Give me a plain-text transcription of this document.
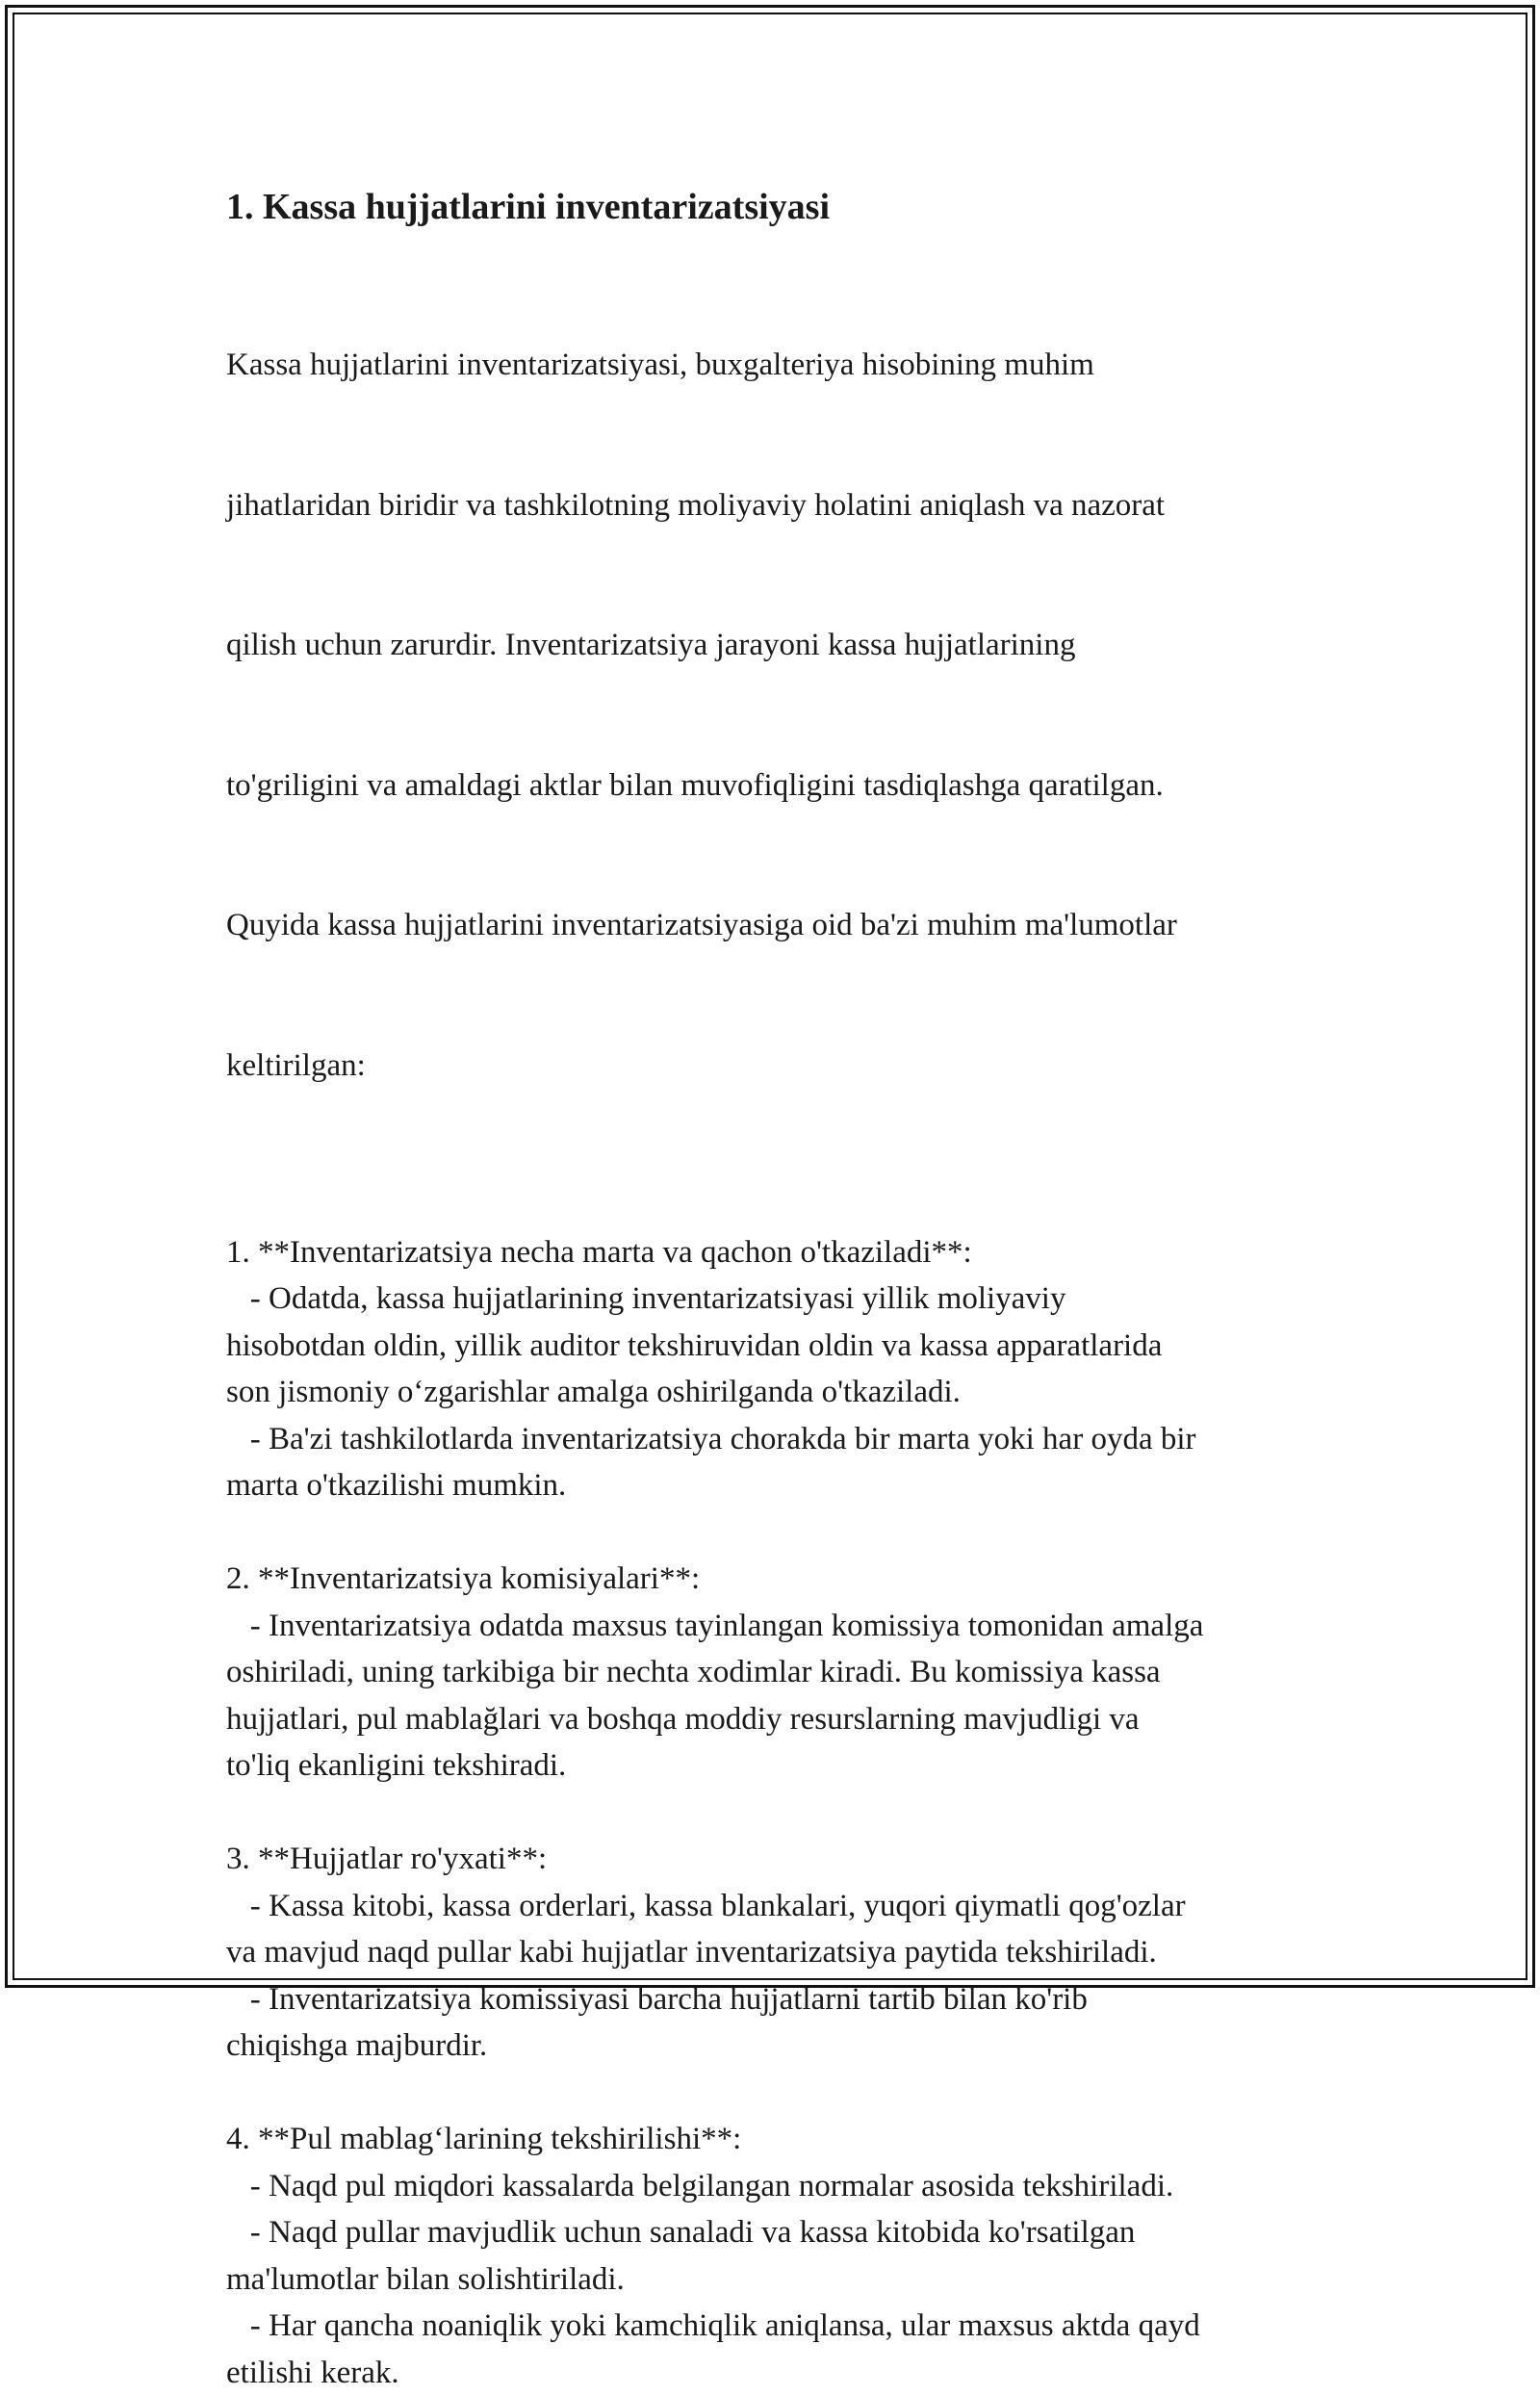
1. Kassa hujjatlarini inventarizatsiyasi

Kassa hujjatlarini inventarizatsiyasi, buxgalteriya hisobining muhim

jihatlaridan biridir va tashkilotning moliyaviy holatini aniqlash va nazorat

qilish uchun zarurdir. Inventarizatsiya jarayoni kassa hujjatlarining

to'griligini va amaldagi aktlar bilan muvofiqligini tasdiqlashga qaratilgan.

Quyida kassa hujjatlarini inventarizatsiyasiga oid ba'zi muhim ma'lumotlar

keltirilgan:

1. **Inventarizatsiya necha marta va qachon o'tkaziladi**:
- Odatda, kassa hujjatlarining inventarizatsiyasi yillik moliyaviy
hisobotdan oldin, yillik auditor tekshiruvidan oldin va kassa apparatlarida
son jismoniy o‘zgarishlar amalga oshirilganda o'tkaziladi.
- Ba'zi tashkilotlarda inventarizatsiya chorakda bir marta yoki har oyda bir
marta o'tkazilishi mumkin.
2. **Inventarizatsiya komisiyalari**:
- Inventarizatsiya odatda maxsus tayinlangan komissiya tomonidan amalga
oshiriladi, uning tarkibiga bir nechta xodimlar kiradi. Bu komissiya kassa
hujjatlari, pul mablağlari va boshqa moddiy resurslarning mavjudligi va
to'liq ekanligini tekshiradi.
3. **Hujjatlar ro'yxati**:
- Kassa kitobi, kassa orderlari, kassa blankalari, yuqori qiymatli qog'ozlar
va mavjud naqd pullar kabi hujjatlar inventarizatsiya paytida tekshiriladi.
- Inventarizatsiya komissiyasi barcha hujjatlarni tartib bilan ko'rib
chiqishga majburdir.
4. **Pul mablag‘larining tekshirilishi**:
- Naqd pul miqdori kassalarda belgilangan normalar asosida tekshiriladi.
- Naqd pullar mavjudlik uchun sanaladi va kassa kitobida ko'rsatilgan
ma'lumotlar bilan solishtiriladi.
- Har qancha noaniqlik yoki kamchiqlik aniqlansa, ular maxsus aktda qayd
etilishi kerak.
